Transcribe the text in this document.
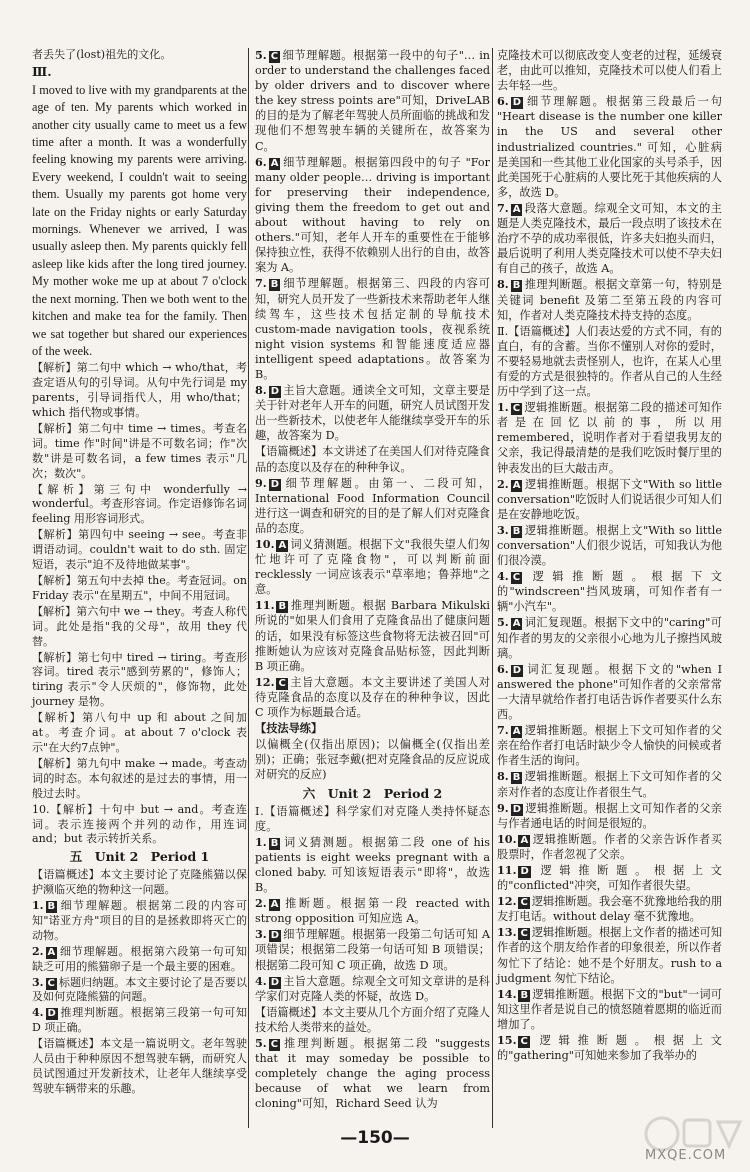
者丢失了(lost)祖先的文化。

Ⅲ.

I moved to live with my grandparents at the age of ten. My parents which worked in another city usually came to meet us a few time after a month. It was a wonderfully feeling knowing my parents were arriving. Every weekend, I couldn't wait to seeing them. Usually my parents got home very late on the Friday nights or early Saturday mornings. Whenever we arrived, I was usually asleep then. My parents quickly fell asleep like kids after the long tired journey. My mother woke me up at about 7 o'clock the next morning. Then we both went to the kitchen and make tea for the family. Then we sat together but shared our experiences of the week.

【解析】第二句中 which → who/that，考查定语从句的引导词。从句中先行词是 my parents，引导词指代人，用 who/that；which 指代物或事情。

【解析】第二句中 time → times。考查名词。time 作"时间"讲是不可数名词；作"次数"讲是可数名词，a few times 表示"几次；数次"。

【解析】第三句中 wonderfully → wonderful。考查形容词。作定语修饰名词 feeling 用形容词形式。

【解析】第四句中 seeing → see。考查非谓语动词。couldn't wait to do sth. 固定短语，表示"迫不及待地做某事"。

【解析】第五句中去掉 the。考查冠词。on Friday 表示"在星期五"，中间不用冠词。

【解析】第六句中 we → they。考查人称代词。此处是指"我的父母"，故用 they 代替。

【解析】第七句中 tired → tiring。考查形容词。tired 表示"感到劳累的"，修饰人；tiring 表示"令人厌烦的"，修饰物，此处 journey 是物。

【解析】第八句中 up 和 about 之间加 at。考查介词。at about 7 o'clock 表示"在大约7点钟"。

【解析】第九句中 make → made。考查动词的时态。本句叙述的是过去的事情，用一般过去时。

10.【解析】十句中 but → and。考查连词。表示连接两个并列的动作，用连词 and；but 表示转折关系。

五　Unit 2　Period 1

【语篇概述】本文主要讨论了克隆熊猫以保护濒临灭绝的物种这一问题。

1. B 细节理解题。根据第二段的内容可知"诺亚方舟"项目的目的是拯救即将灭亡的动物。

2. A 细节理解题。根据第六段第一句可知缺乏可用的熊猫卵子是一个最主要的困难。

3. C 标题归纳题。本文主要讨论了是否要以及如何克隆熊猫的问题。

4. D 推理判断题。根据第三段第一句可知 D 项正确。

【语篇概述】本文是一篇说明文。老年驾驶人员由于种种原因不想驾驶车辆，而研究人员试图通过开发新技术，让老年人继续享受驾驶车辆带来的乐趣。

5. C 细节理解题。根据第一段中的句子"… in order to understand the challenges faced by older drivers and to discover where the key stress points are"可知，DriveLAB 的目的是为了解老年驾驶人员所面临的挑战和发现他们不想驾驶车辆的关键所在，故答案为 C。

6. A 细节理解题。根据第四段中的句子 "For many older people… driving is important for preserving their independence, giving them the freedom to get out and about without having to rely on others."可知，老年人开车的重要性在于能够保持独立性，获得不依赖别人出行的自由，故答案为 A。

7. B 细节理解题。根据第三、四段的内容可知，研究人员开发了一些新技术来帮助老年人继续驾车，这些技术包括定制的导航技术 custom-made navigation tools，夜视系统 night vision systems 和智能速度适应器 intelligent speed adaptations。故答案为 B。

8. D 主旨大意题。通读全文可知，文章主要是关于针对老年人开车的问题，研究人员试图开发出一些新技术，以使老年人能继续享受开车的乐趣，故答案为 D。

【语篇概述】本文讲述了在美国人们对待克隆食品的态度以及存在的种种争议。

9. D 细节理解题。由第一、二段可知，International Food Information Council 进行这一调查和研究的目的是了解人们对克隆食品的态度。

10. A 词义猜测题。根据下文"我很失望人们匆忙地许可了克隆食物"，可以判断前面 recklessly 一词应该表示"草率地；鲁莽地"之意。

11. B 推理判断题。根据 Barbara Mikulski 所说的"如果人们食用了克隆食品出了健康问题的话，如果没有标签这些食物将无法被召回"可推断她认为应该对克隆食品贴标签，因此判断 B 项正确。

12. C 主旨大意题。本文主要讲述了美国人对待克隆食品的态度以及存在的种种争议，因此 C 项作为标题最合适。

【技法导练】

以偏概全(仅指出原因)；以偏概全(仅指出差别)；正确；张冠李戴(把对克隆食品的反应说成对研究的反应)

六　Unit 2　Period 2

Ⅰ.【语篇概述】科学家们对克隆人类持怀疑态度。

1. B 词义猜测题。根据第二段 one of his patients is eight weeks pregnant with a cloned baby. 可知该短语表示"即将"，故选 B。

2. A 推断题。根据第一段 reacted with strong opposition 可知应选 A。

3. D 细节理解题。根据第一段第二句话可知 A 项错误；根据第二段第一句话可知 B 项错误；根据第二段可知 C 项正确，故选 D 项。

4. D 主旨大意题。综观全文可知文章讲的是科学家们对克隆人类的怀疑，故选 D。

【语篇概述】本文主要从几个方面介绍了克隆人技术给人类带来的益处。

5. C 推理判断题。根据第二段 "suggests that it may someday be possible to completely change the aging process because of what we learn from cloning"可知，Richard Seed 认为

克隆技术可以彻底改变人变老的过程，延缓衰老，由此可以推知，克隆技术可以使人们看上去年轻一些。

6. D 细节理解题。根据第三段最后一句 "Heart disease is the number one killer in the US and several other industrialized countries." 可知，心脏病是美国和一些其他工业化国家的头号杀手，因此美国死于心脏病的人要比死于其他疾病的人多，故选 D。

7. A 段落大意题。综观全文可知，本文的主题是人类克隆技术，最后一段点明了该技术在治疗不孕的成功率很低，许多夫妇抱头而归，最后说明了利用人类克隆技术可以使不孕夫妇有自己的孩子，故选 A。

8. B 推理判断题。根据文章第一句，特别是关键词 benefit 及第二至第五段的内容可知，作者对人类克隆技术持支持的态度。

Ⅱ.【语篇概述】人们表达爱的方式不同，有的直白，有的含蓄。当你不懂别人对你的爱时，不要轻易地就去责怪别人，也许，在某人心里有爱的方式是很独特的。作者从自己的人生经历中学到了这一点。

1. C 逻辑推断题。根据第二段的描述可知作者是在回忆以前的事，所以用 remembered，说明作者对于看望我男友的父亲，我记得最清楚的是我们吃饭时餐厅里的钟表发出的巨大敲击声。

2. A 逻辑推断题。根据下文"With so little conversation"吃饭时人们说话很少可知人们是在安静地吃饭。

3. B 逻辑推断题。根据上文"With so little conversation"人们很少说话，可知我认为他们很冷漠。

4. C 逻辑推断题。根据下文的"windscreen"挡风玻璃，可知作者有一辆"小汽车"。

5. A 词汇复现题。根据下文中的"caring"可知作者的男友的父亲很小心地为儿子擦挡风玻璃。

6. D 词汇复现题。根据下文的"when I answered the phone"可知作者的父亲常常一大清早就给作者打电话告诉作者要买什么东西。

7. A 逻辑推断题。根据上下文可知作者的父亲在给作者打电话时缺少令人愉快的问候或者作者生活的询问。

8. B 逻辑推断题。根据上下文可知作者的父亲对作者的态度让作者很生气。

9. D 逻辑推断题。根据上文可知作者的父亲与作者通电话的时间是很短的。

10. A 逻辑推断题。作者的父亲告诉作者买股票时，作者忽视了父亲。

11. D 逻辑推断题。根据上文的"conflicted"冲突，可知作者很失望。

12. C 逻辑推断题。我会毫不犹豫地给我的朋友打电话。without delay 毫不犹豫地。

13. C 逻辑推断题。根据上文作者的描述可知作者的这个朋友给作者的印象很差，所以作者匆忙下了结论：她不是个好朋友。rush to a judgment 匆忙下结论。

14. B 逻辑推断题。根据下文的"but"一词可知这里作者是说自己的愤怒随着愿期的临近而增加了。

15. C 逻辑推断题。根据上文的"gathering"可知她来参加了我举办的

—150—
MXQE.COM
